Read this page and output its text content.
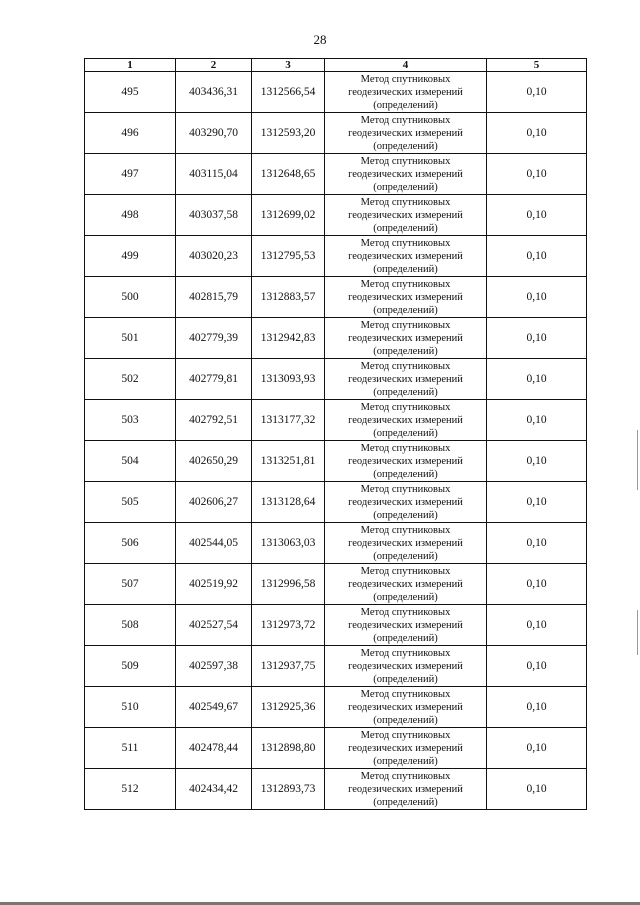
28
1	2	3	4	5
495	403436,31	1312566,54	Метод спутниковых
геодезических измерений
(определений)	0,10
496	403290,70	1312593,20	Метод спутниковых
геодезических измерений
(определений)	0,10
497	403115,04	1312648,65	Метод спутниковых
геодезических измерений
(определений)	0,10
498	403037,58	1312699,02	Метод спутниковых
геодезических измерений
(определений)	0,10
499	403020,23	1312795,53	Метод спутниковых
геодезических измерений
(определений)	0,10
500	402815,79	1312883,57	Метод спутниковых
геодезических измерений
(определений)	0,10
501	402779,39	1312942,83	Метод спутниковых
геодезических измерений
(определений)	0,10
502	402779,81	1313093,93	Метод спутниковых
геодезических измерений
(определений)	0,10
503	402792,51	1313177,32	Метод спутниковых
геодезических измерений
(определений)	0,10
504	402650,29	1313251,81	Метод спутниковых
геодезических измерений
(определений)	0,10
505	402606,27	1313128,64	Метод спутниковых
геодезических измерений
(определений)	0,10
506	402544,05	1313063,03	Метод спутниковых
геодезических измерений
(определений)	0,10
507	402519,92	1312996,58	Метод спутниковых
геодезических измерений
(определений)	0,10
508	402527,54	1312973,72	Метод спутниковых
геодезических измерений
(определений)	0,10
509	402597,38	1312937,75	Метод спутниковых
геодезических измерений
(определений)	0,10
510	402549,67	1312925,36	Метод спутниковых
геодезических измерений
(определений)	0,10
511	402478,44	1312898,80	Метод спутниковых
геодезических измерений
(определений)	0,10
512	402434,42	1312893,73	Метод спутниковых
геодезических измерений
(определений)	0,10
